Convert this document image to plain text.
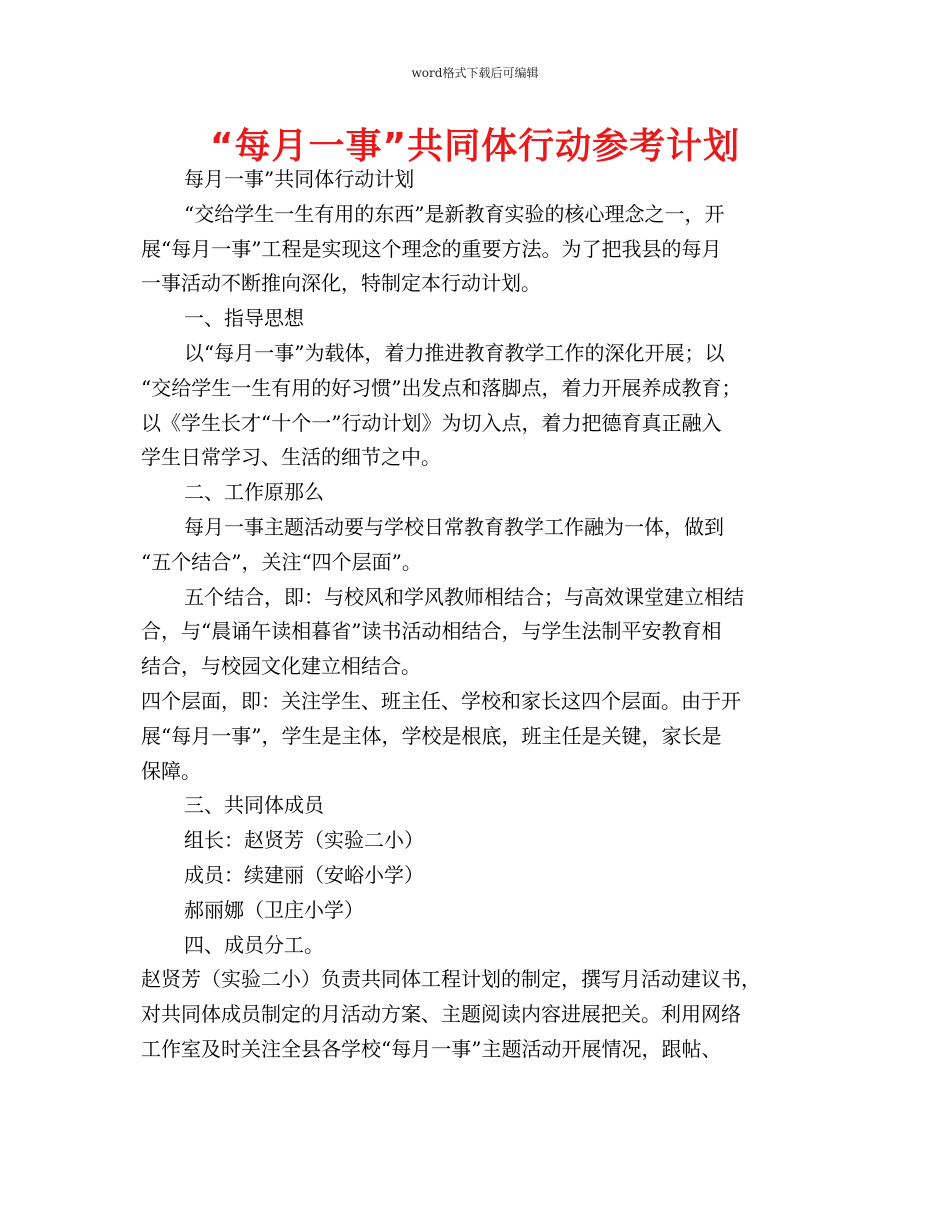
word格式下载后可编辑
“每月一事”共同体行动参考计划
每月一事”共同体行动计划
“交给学生一生有用的东西”是新教育实验的核心理念之一，开
展“每月一事”工程是实现这个理念的重要方法。为了把我县的每月
一事活动不断推向深化，特制定本行动计划。
一、指导思想
以“每月一事”为载体，着力推进教育教学工作的深化开展；以
“交给学生一生有用的好习惯”出发点和落脚点，着力开展养成教育；
以《学生长才“十个一”行动计划》为切入点，着力把德育真正融入
学生日常学习、生活的细节之中。
二、工作原那么
每月一事主题活动要与学校日常教育教学工作融为一体，做到
“五个结合”，关注“四个层面”。
五个结合，即：与校风和学风教师相结合；与高效课堂建立相结
合，与“晨诵午读相暮省”读书活动相结合，与学生法制平安教育相
结合，与校园文化建立相结合。
四个层面，即：关注学生、班主任、学校和家长这四个层面。由于开
展“每月一事”，学生是主体，学校是根底，班主任是关键，家长是
保障。
三、共同体成员
组长：赵贤芳（实验二小）
成员：续建丽（安峪小学）
郝丽娜（卫庄小学）
四、成员分工。
赵贤芳（实验二小）负责共同体工程计划的制定，撰写月活动建议书，
对共同体成员制定的月活动方案、主题阅读内容进展把关。利用网络
工作室及时关注全县各学校“每月一事”主题活动开展情况，跟帖、
